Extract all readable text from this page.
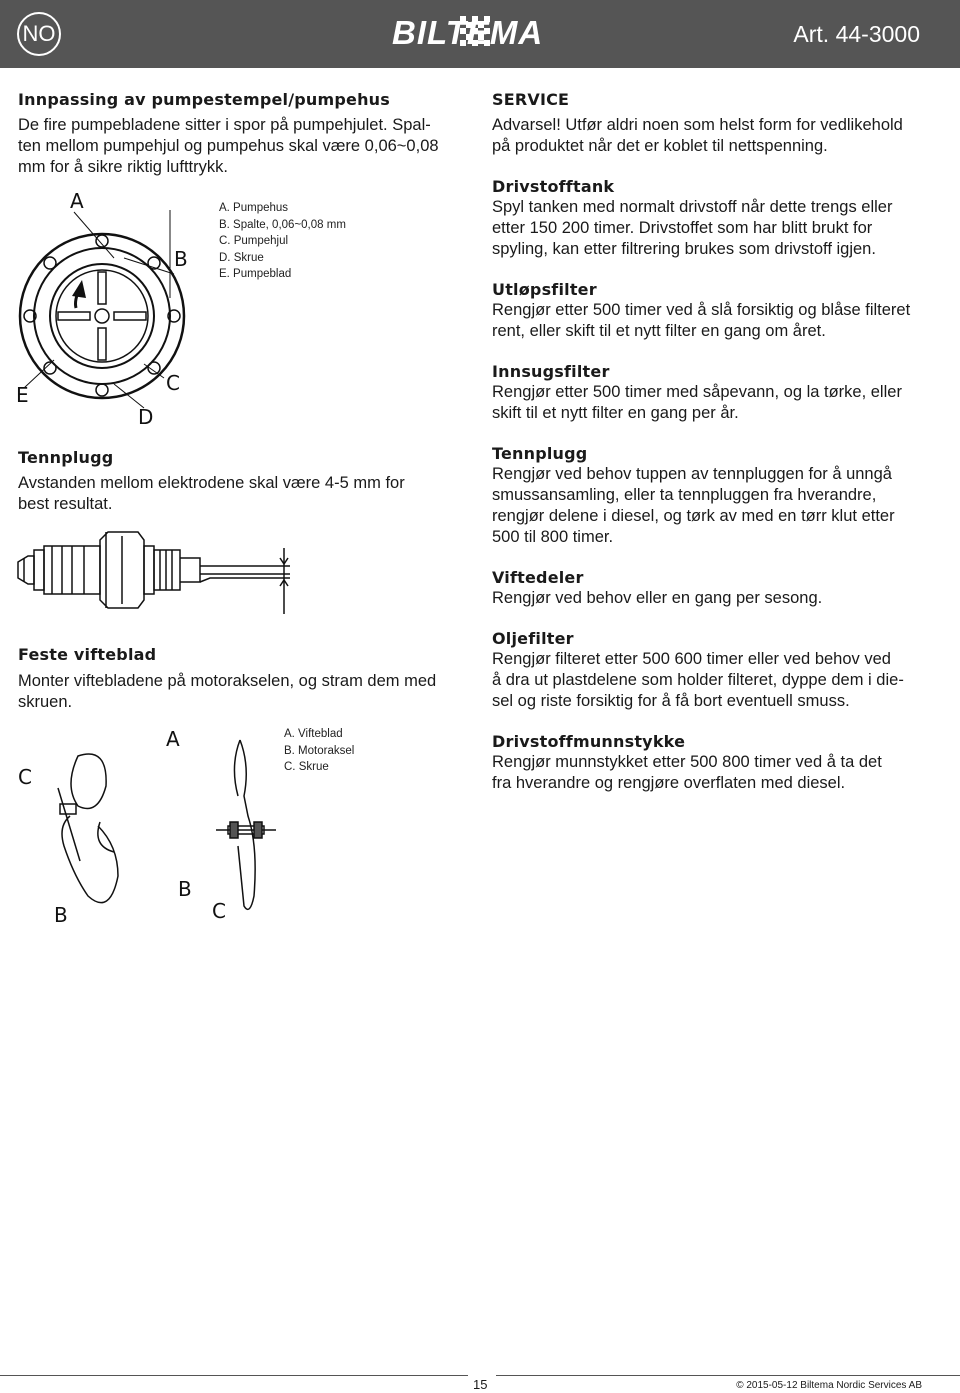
NO	BILTEMA	Art. 44-3000
Innpassing av pumpestempel/pumpehus

De fire pumpebladene sitter i spor på pumpehjulet. Spal-

ten mellom pumpehjul og pumpehus skal være 0,06~0,08

mm for å sikre riktig lufttrykk.

A. Pumpehus
B. Spalte, 0,06~0,08 mm
C. Pumpehjul
D. Skrue
E. Pumpeblad
A
B
C
D
E
Tennplugg

Avstanden mellom elektrodene skal være 4-5 mm for

best resultat.

Feste vifteblad

Monter viftebladene på motorakselen, og stram dem med

skruen.

A. Vifteblad
B. Motoraksel
C. Skrue
A
C
B
B	C
SERVICE

Advarsel! Utfør aldri noen som helst form for vedlikehold

på produktet når det er koblet til nettspenning.

Drivstofftank

Spyl tanken med normalt drivstoff når dette trengs eller

etter 150 200 timer. Drivstoffet som har blitt brukt for

spyling, kan etter filtrering brukes som drivstoff igjen.

Utløpsfilter

Rengjør etter 500 timer ved å slå forsiktig og blåse filteret

rent, eller skift til et nytt filter en gang om året.

Innsugsfilter

Rengjør etter 500 timer med såpevann, og la tørke, eller

skift til et nytt filter en gang per år.

Tennplugg

Rengjør ved behov tuppen av tennpluggen for å unngå

smussansamling, eller ta tennpluggen fra hverandre,

rengjør delene i diesel, og tørk av med en tørr klut etter

500 til 800 timer.

Viftedeler

Rengjør ved behov eller en gang per sesong.

Oljefilter

Rengjør filteret etter 500 600 timer eller ved behov ved

å dra ut plastdelene som holder filteret, dyppe dem i die-

sel og riste forsiktig for å få bort eventuell smuss.

Drivstoffmunnstykke

Rengjør munnstykket etter 500 800 timer ved å ta det

fra hverandre og rengjøre overflaten med diesel.

15	© 2015-05-12 Biltema Nordic Services AB
